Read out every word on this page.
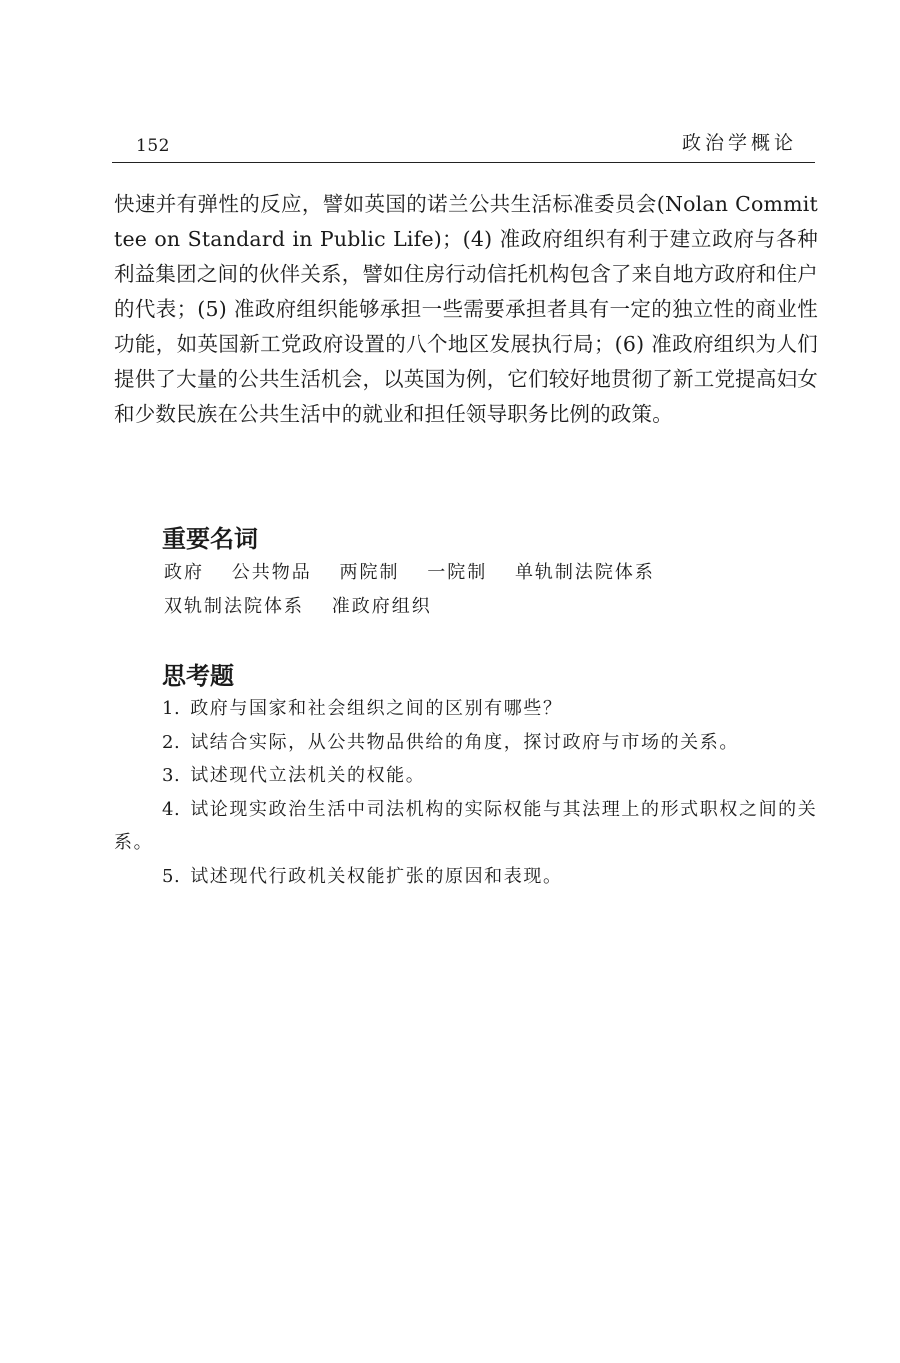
152	政治学概论

快速并有弹性的反应，譬如英国的诺兰公共生活标准委员会(Nolan Committee on Standard in Public Life)；(4) 准政府组织有利于建立政府与各种利益集团之间的伙伴关系，譬如住房行动信托机构包含了来自地方政府和住户的代表；(5) 准政府组织能够承担一些需要承担者具有一定的独立性的商业性功能，如英国新工党政府设置的八个地区发展执行局；(6) 准政府组织为人们提供了大量的公共生活机会，以英国为例，它们较好地贯彻了新工党提高妇女和少数民族在公共生活中的就业和担任领导职务比例的政策。

重要名词
政府 公共物品 两院制 一院制 单轨制法院体系
双轨制法院体系 准政府组织
思考题
1. 政府与国家和社会组织之间的区别有哪些？
2. 试结合实际，从公共物品供给的角度，探讨政府与市场的关系。
3. 试述现代立法机关的权能。
4. 试论现实政治生活中司法机构的实际权能与其法理上的形式职权之间的关系。
5. 试述现代行政机关权能扩张的原因和表现。
